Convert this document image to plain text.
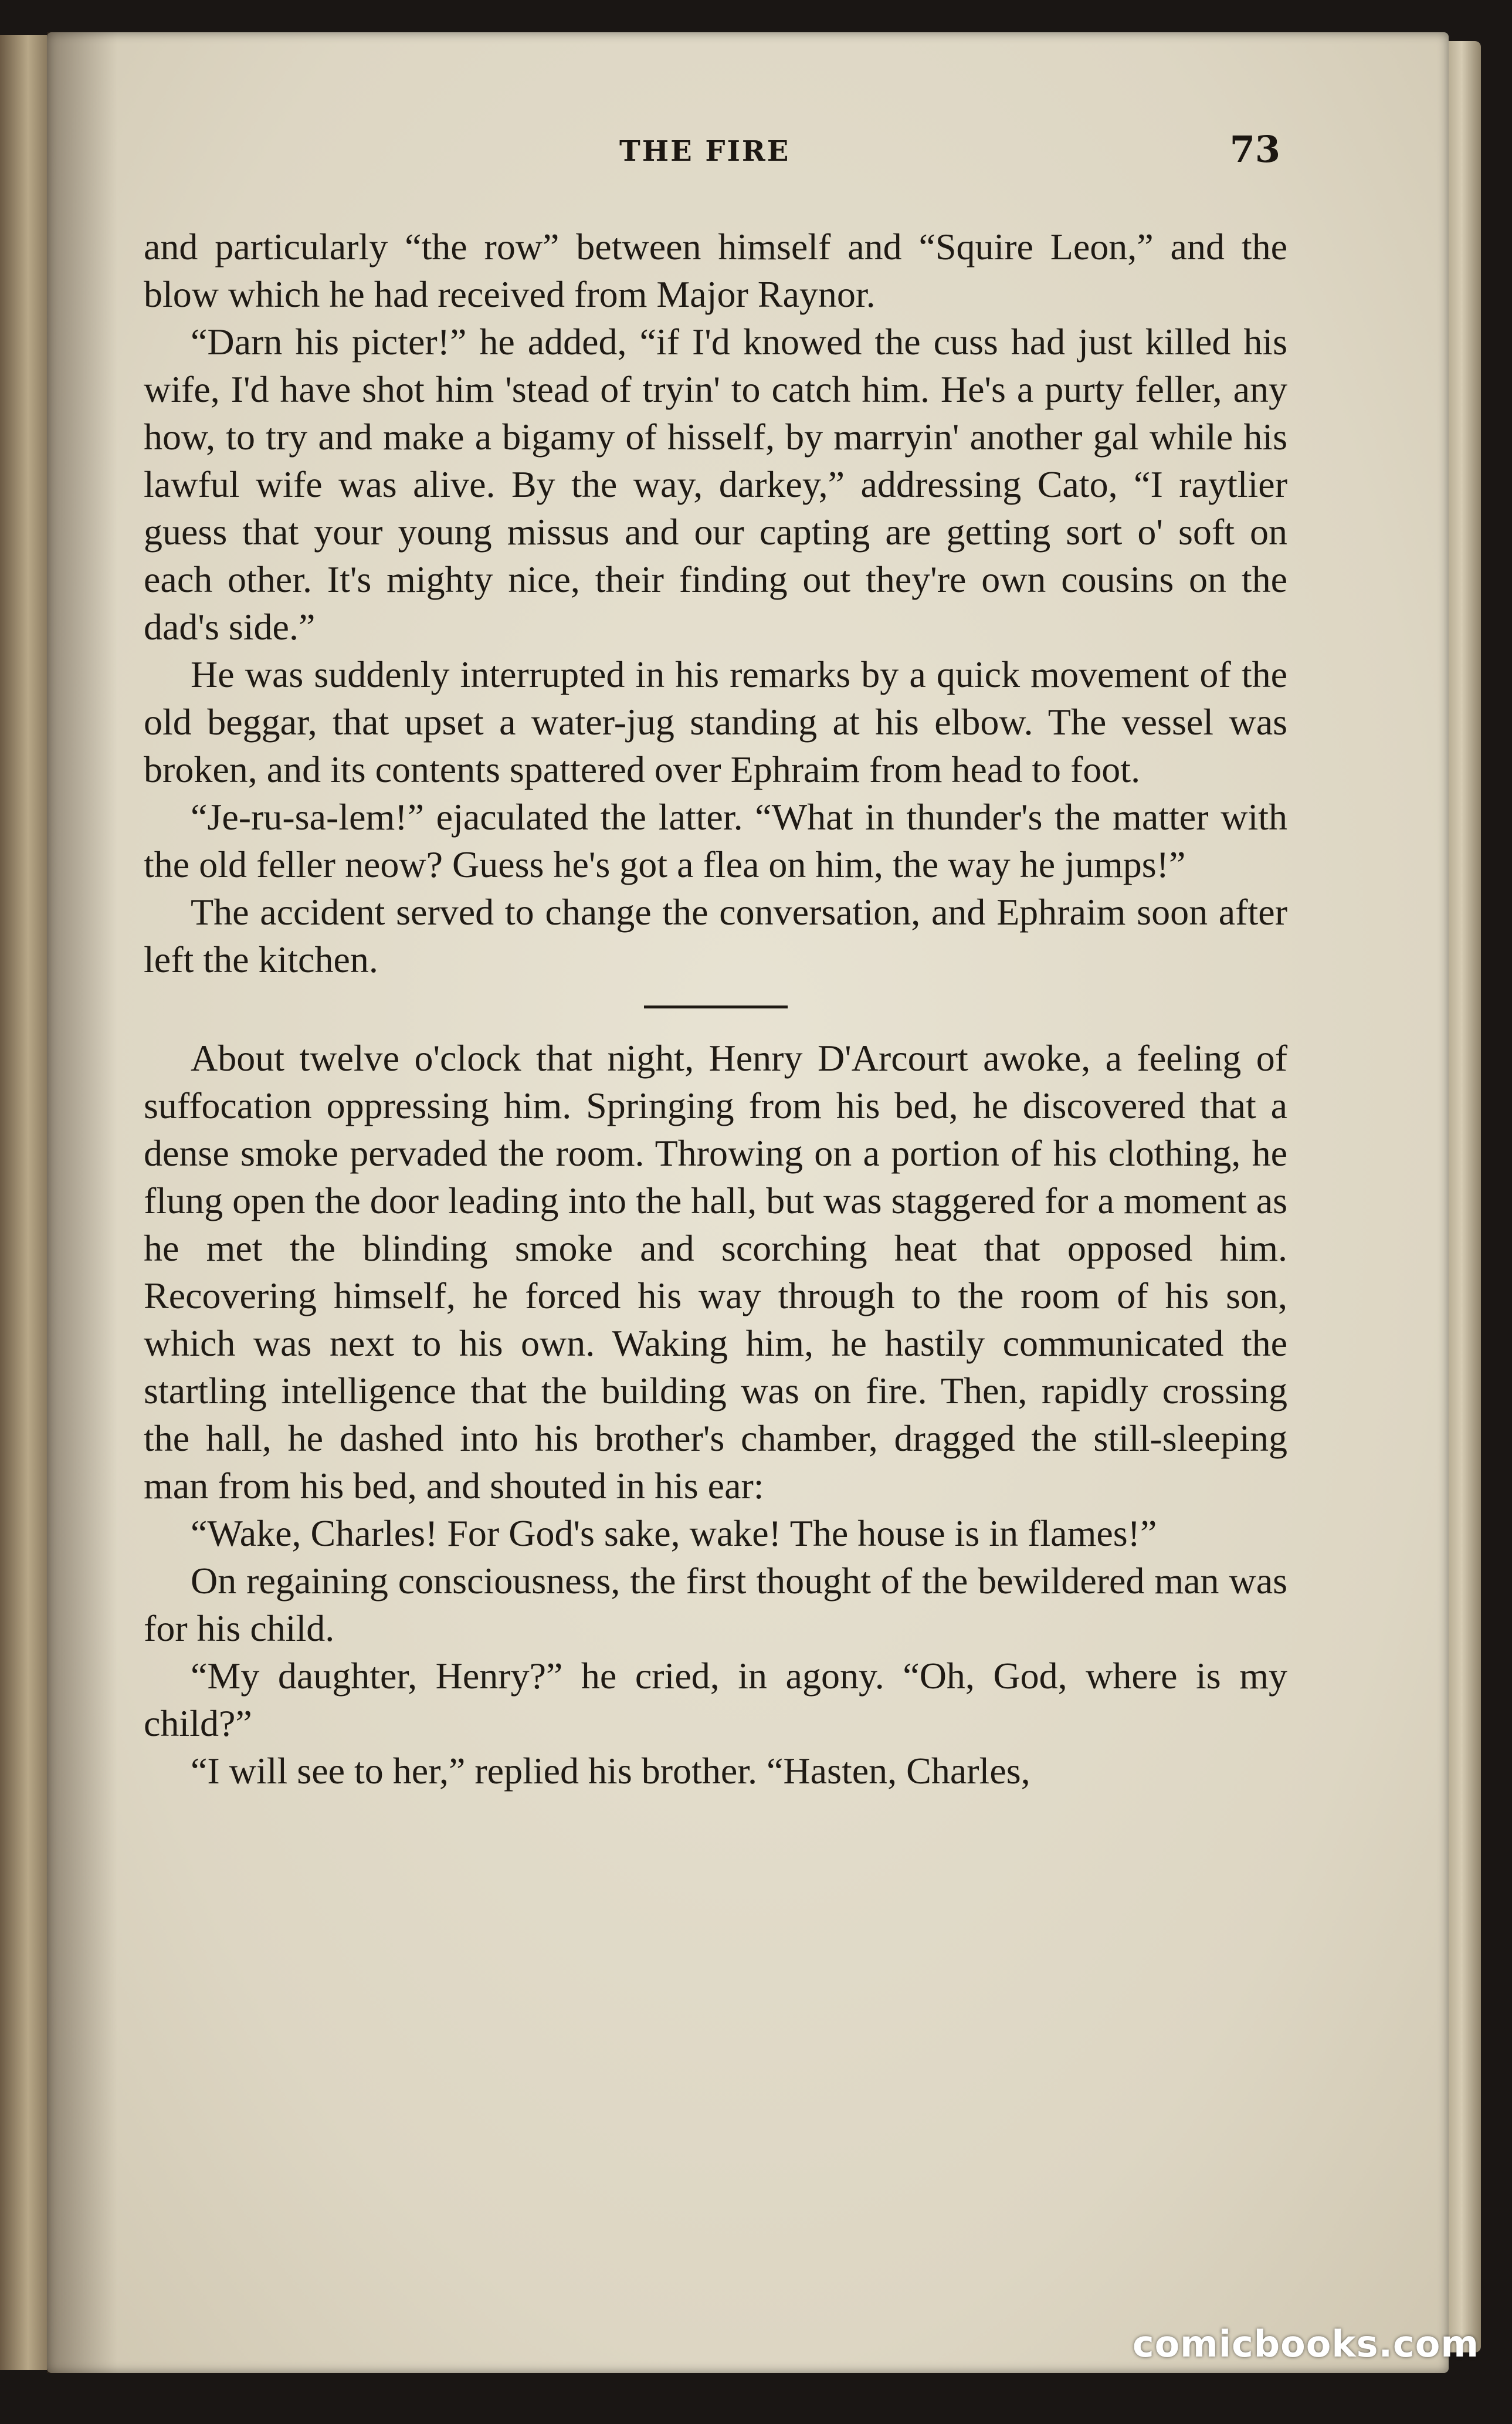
THE FIRE	73

and particularly “the row” between himself and “Squire Leon,” and the blow which he had received from Major Raynor.

“Darn his picter!” he added, “if I'd knowed the cuss had just killed his wife, I'd have shot him 'stead of tryin' to catch him. He's a purty feller, any how, to try and make a bigamy of hisself, by marryin' another gal while his lawful wife was alive. By the way, darkey,” addressing Cato, “I raytlier guess that your young missus and our capting are getting sort o' soft on each other. It's mighty nice, their finding out they're own cousins on the dad's side.”

He was suddenly interrupted in his remarks by a quick movement of the old beggar, that upset a water-jug standing at his elbow. The vessel was broken, and its contents spattered over Ephraim from head to foot.

“Je-ru-sa-lem!” ejaculated the latter. “What in thunder's the matter with the old feller neow? Guess he's got a flea on him, the way he jumps!”

The accident served to change the conversation, and Ephraim soon after left the kitchen.

About twelve o'clock that night, Henry D'Arcourt awoke, a feeling of suffocation oppressing him. Springing from his bed, he discovered that a dense smoke pervaded the room. Throwing on a portion of his clothing, he flung open the door leading into the hall, but was staggered for a moment as he met the blinding smoke and scorching heat that opposed him. Recovering himself, he forced his way through to the room of his son, which was next to his own. Waking him, he hastily communicated the startling intelligence that the building was on fire. Then, rapidly crossing the hall, he dashed into his brother's chamber, dragged the still-sleeping man from his bed, and shouted in his ear:

“Wake, Charles! For God's sake, wake! The house is in flames!”

On regaining consciousness, the first thought of the bewildered man was for his child.

“My daughter, Henry?” he cried, in agony. “Oh, God, where is my child?”

“I will see to her,” replied his brother. “Hasten, Charles,

comicbooks.com
